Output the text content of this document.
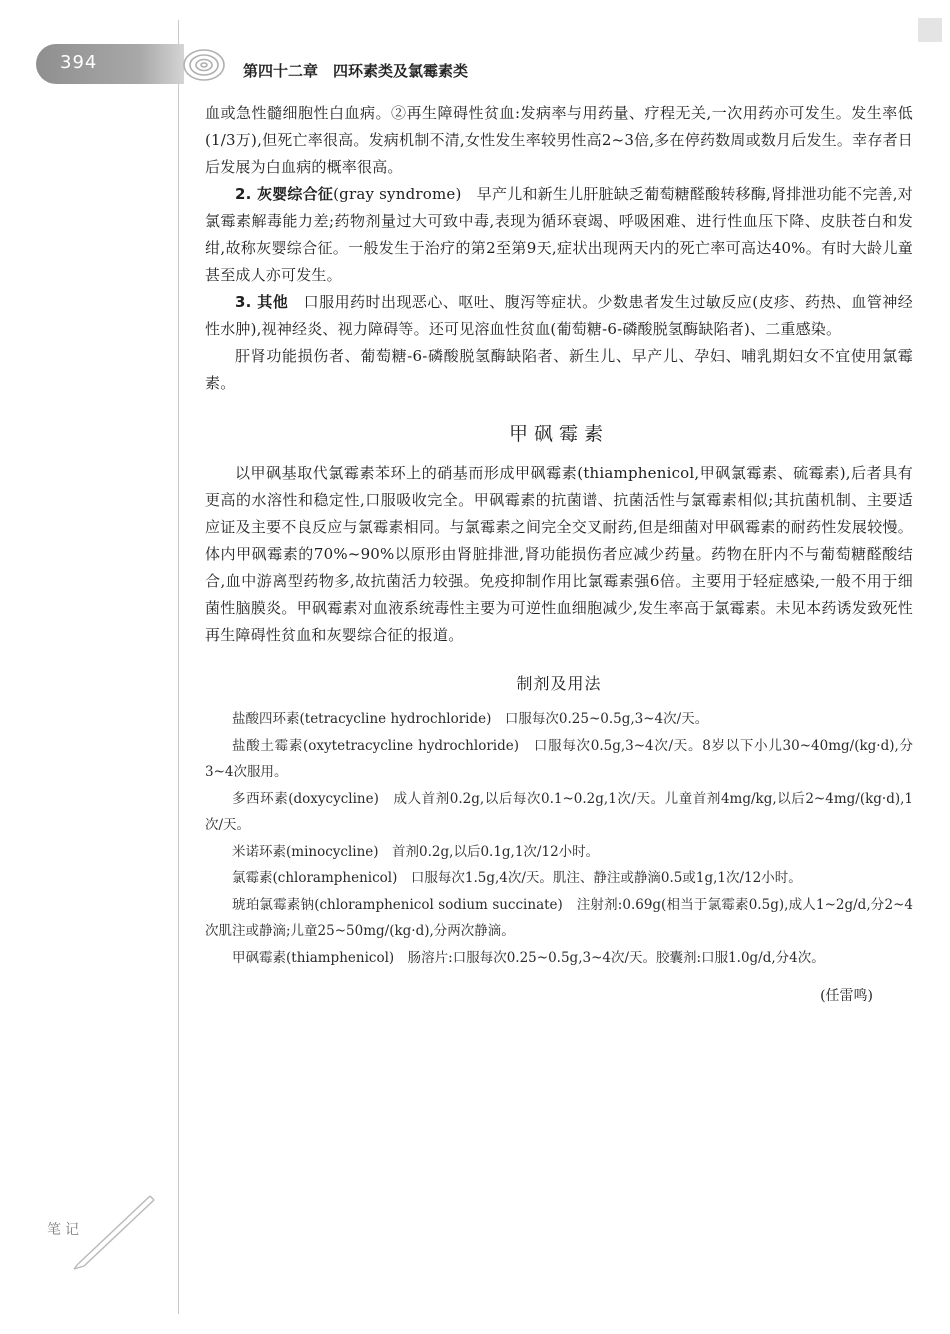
394	第四十二章　四环素类及氯霉素类

血或急性髓细胞性白血病。②再生障碍性贫血:发病率与用药量、疗程无关,一次用药亦可发生。发生率低(1/3万),但死亡率很高。发病机制不清,女性发生率较男性高2~3倍,多在停药数周或数月后发生。幸存者日后发展为白血病的概率很高。

2. 灰婴综合征(gray syndrome)　早产儿和新生儿肝脏缺乏葡萄糖醛酸转移酶,肾排泄功能不完善,对氯霉素解毒能力差;药物剂量过大可致中毒,表现为循环衰竭、呼吸困难、进行性血压下降、皮肤苍白和发绀,故称灰婴综合征。一般发生于治疗的第2至第9天,症状出现两天内的死亡率可高达40%。有时大龄儿童甚至成人亦可发生。

3. 其他　口服用药时出现恶心、呕吐、腹泻等症状。少数患者发生过敏反应(皮疹、药热、血管神经性水肿),视神经炎、视力障碍等。还可见溶血性贫血(葡萄糖-6-磷酸脱氢酶缺陷者)、二重感染。

肝肾功能损伤者、葡萄糖-6-磷酸脱氢酶缺陷者、新生儿、早产儿、孕妇、哺乳期妇女不宜使用氯霉素。

甲砜霉素

以甲砜基取代氯霉素苯环上的硝基而形成甲砜霉素(thiamphenicol,甲砜氯霉素、硫霉素),后者具有更高的水溶性和稳定性,口服吸收完全。甲砜霉素的抗菌谱、抗菌活性与氯霉素相似;其抗菌机制、主要适应证及主要不良反应与氯霉素相同。与氯霉素之间完全交叉耐药,但是细菌对甲砜霉素的耐药性发展较慢。体内甲砜霉素的70%~90%以原形由肾脏排泄,肾功能损伤者应减少药量。药物在肝内不与葡萄糖醛酸结合,血中游离型药物多,故抗菌活力较强。免疫抑制作用比氯霉素强6倍。主要用于轻症感染,一般不用于细菌性脑膜炎。甲砜霉素对血液系统毒性主要为可逆性血细胞减少,发生率高于氯霉素。未见本药诱发致死性再生障碍性贫血和灰婴综合征的报道。

制剂及用法

盐酸四环素(tetracycline hydrochloride)　口服每次0.25~0.5g,3~4次/天。

盐酸土霉素(oxytetracycline hydrochloride)　口服每次0.5g,3~4次/天。8岁以下小儿30~40mg/(kg·d),分3~4次服用。

多西环素(doxycycline)　成人首剂0.2g,以后每次0.1~0.2g,1次/天。儿童首剂4mg/kg,以后2~4mg/(kg·d),1次/天。

米诺环素(minocycline)　首剂0.2g,以后0.1g,1次/12小时。

氯霉素(chloramphenicol)　口服每次1.5g,4次/天。肌注、静注或静滴0.5或1g,1次/12小时。

琥珀氯霉素钠(chloramphenicol sodium succinate)　注射剂:0.69g(相当于氯霉素0.5g),成人1~2g/d,分2~4次肌注或静滴;儿童25~50mg/(kg·d),分两次静滴。

甲砜霉素(thiamphenicol)　肠溶片:口服每次0.25~0.5g,3~4次/天。胶囊剂:口服1.0g/d,分4次。

(任雷鸣)
笔记
